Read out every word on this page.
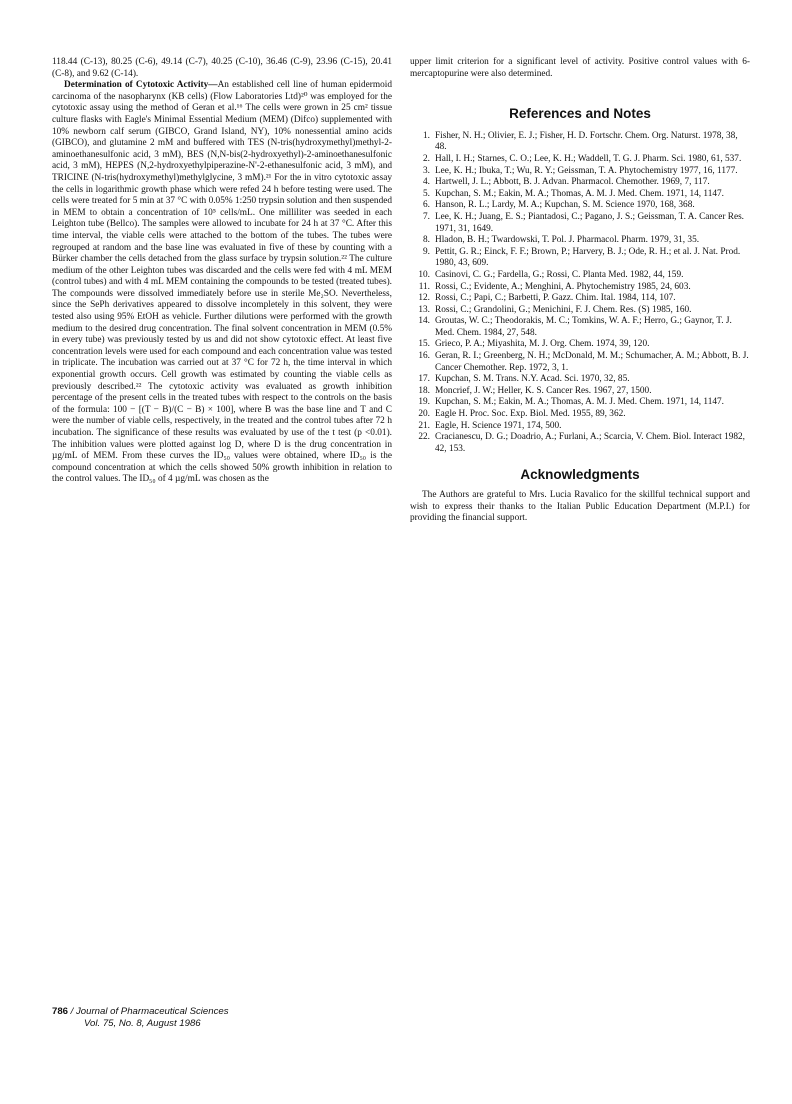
118.44 (C-13), 80.25 (C-6), 49.14 (C-7), 40.25 (C-10), 36.46 (C-9), 23.96 (C-15), 20.41 (C-8), and 9.62 (C-14).

Determination of Cytotoxic Activity—An established cell line of human epidermoid carcinoma of the nasopharynx (KB cells) (Flow Laboratories Ltd)²⁰ was employed for the cytotoxic assay using the method of Geran et al.¹⁶ The cells were grown in 25 cm² tissue culture flasks with Eagle's Minimal Essential Medium (MEM) (Difco) supplemented with 10% newborn calf serum (GIBCO, Grand Island, NY), 10% nonessential amino acids (GIBCO), and glutamine 2 mM and buffered with TES (N-tris(hydroxymethyl)methyl-2-aminoethanesulfonic acid, 3 mM), BES (N,N-bis(2-hydroxyethyl)-2-aminoethanesulfonic acid, 3 mM), HEPES (N,2-hydroxyethylpiperazine-N'-2-ethanesulfonic acid, 3 mM), and TRICINE (N-tris(hydroxymethyl)methylglycine, 3 mM).²¹ For the in vitro cytotoxic assay the cells in logarithmic growth phase which were refed 24 h before testing were used. The cells were treated for 5 min at 37 °C with 0.05% 1:250 trypsin solution and then suspended in MEM to obtain a concentration of 10⁵ cells/mL. One milliliter was seeded in each Leighton tube (Bellco). The samples were allowed to incubate for 24 h at 37 °C. After this time interval, the viable cells were attached to the bottom of the tubes. The tubes were regrouped at random and the base line was evaluated in five of these by counting with a Bürker chamber the cells detached from the glass surface by trypsin solution.²² The culture medium of the other Leighton tubes was discarded and the cells were fed with 4 mL MEM (control tubes) and with 4 mL MEM containing the compounds to be tested (treated tubes). The compounds were dissolved immediately before use in sterile Me₂SO. Nevertheless, since the SePh derivatives appeared to dissolve incompletely in this solvent, they were tested also using 95% EtOH as vehicle. Further dilutions were performed with the growth medium to the desired drug concentration. The final solvent concentration in MEM (0.5% in every tube) was previously tested by us and did not show cytotoxic effect. At least five concentration levels were used for each compound and each concentration value was tested in triplicate. The incubation was carried out at 37 °C for 72 h, the time interval in which exponential growth occurs. Cell growth was estimated by counting the viable cells as previously described.²² The cytotoxic activity was evaluated as growth inhibition percentage of the present cells in the treated tubes with respect to the controls on the basis of the formula: 100 − [(T − B)/(C − B) × 100], where B was the base line and T and C were the number of viable cells, respectively, in the treated and the control tubes after 72 h incubation. The significance of these results was evaluated by use of the t test (p <0.01). The inhibition values were plotted against log D, where D is the drug concentration in µg/mL of MEM. From these curves the ID₅₀ values were obtained, where ID₅₀ is the compound concentration at which the cells showed 50% growth inhibition in relation to the control values. The ID₅₀ of 4 µg/mL was chosen as the

upper limit criterion for a significant level of activity. Positive control values with 6-mercaptopurine were also determined.

References and Notes
1. Fisher, N. H.; Olivier, E. J.; Fisher, H. D. Fortschr. Chem. Org. Naturst. 1978, 38, 48.
2. Hall, I. H.; Starnes, C. O.; Lee, K. H.; Waddell, T. G. J. Pharm. Sci. 1980, 61, 537.
3. Lee, K. H.; Ibuka, T.; Wu, R. Y.; Geissman, T. A. Phytochemistry 1977, 16, 1177.
4. Hartwell, J. L.; Abbott, B. J. Advan. Pharmacol. Chemother. 1969, 7, 117.
5. Kupchan, S. M.; Eakin, M. A.; Thomas, A. M. J. Med. Chem. 1971, 14, 1147.
6. Hanson, R. L.; Lardy, M. A.; Kupchan, S. M. Science 1970, 168, 368.
7. Lee, K. H.; Juang, E. S.; Piantadosi, C.; Pagano, J. S.; Geissman, T. A. Cancer Res. 1971, 31, 1649.
8. Hladon, B. H.; Twardowski, T. Pol. J. Pharmacol. Pharm. 1979, 31, 35.
9. Pettit, G. R.; Einck, F. F.; Brown, P.; Harvery, B. J.; Ode, R. H.; et al. J. Nat. Prod. 1980, 43, 609.
10. Casinovi, C. G.; Fardella, G.; Rossi, C. Planta Med. 1982, 44, 159.
11. Rossi, C.; Evidente, A.; Menghini, A. Phytochemistry 1985, 24, 603.
12. Rossi, C.; Papi, C.; Barbetti, P. Gazz. Chim. Ital. 1984, 114, 107.
13. Rossi, C.; Grandolini, G.; Menichini, F. J. Chem. Res. (S) 1985, 160.
14. Groutas, W. C.; Theodorakis, M. C.; Tomkins, W. A. F.; Herro, G.; Gaynor, T. J. Med. Chem. 1984, 27, 548.
15. Grieco, P. A.; Miyashita, M. J. Org. Chem. 1974, 39, 120.
16. Geran, R. I.; Greenberg, N. H.; McDonald, M. M.; Schumacher, A. M.; Abbott, B. J. Cancer Chemother. Rep. 1972, 3, 1.
17. Kupchan, S. M. Trans. N.Y. Acad. Sci. 1970, 32, 85.
18. Moncrief, J. W.; Heller, K. S. Cancer Res. 1967, 27, 1500.
19. Kupchan, S. M.; Eakin, M. A.; Thomas, A. M. J. Med. Chem. 1971, 14, 1147.
20. Eagle H. Proc. Soc. Exp. Biol. Med. 1955, 89, 362.
21. Eagle, H. Science 1971, 174, 500.
22. Cracianescu, D. G.; Doadrio, A.; Furlani, A.; Scarcia, V. Chem. Biol. Interact 1982, 42, 153.
Acknowledgments

The Authors are grateful to Mrs. Lucia Ravalico for the skillful technical support and wish to express their thanks to the Italian Public Education Department (M.P.I.) for providing the financial support.

786 / Journal of Pharmaceutical Sciences
Vol. 75, No. 8, August 1986
